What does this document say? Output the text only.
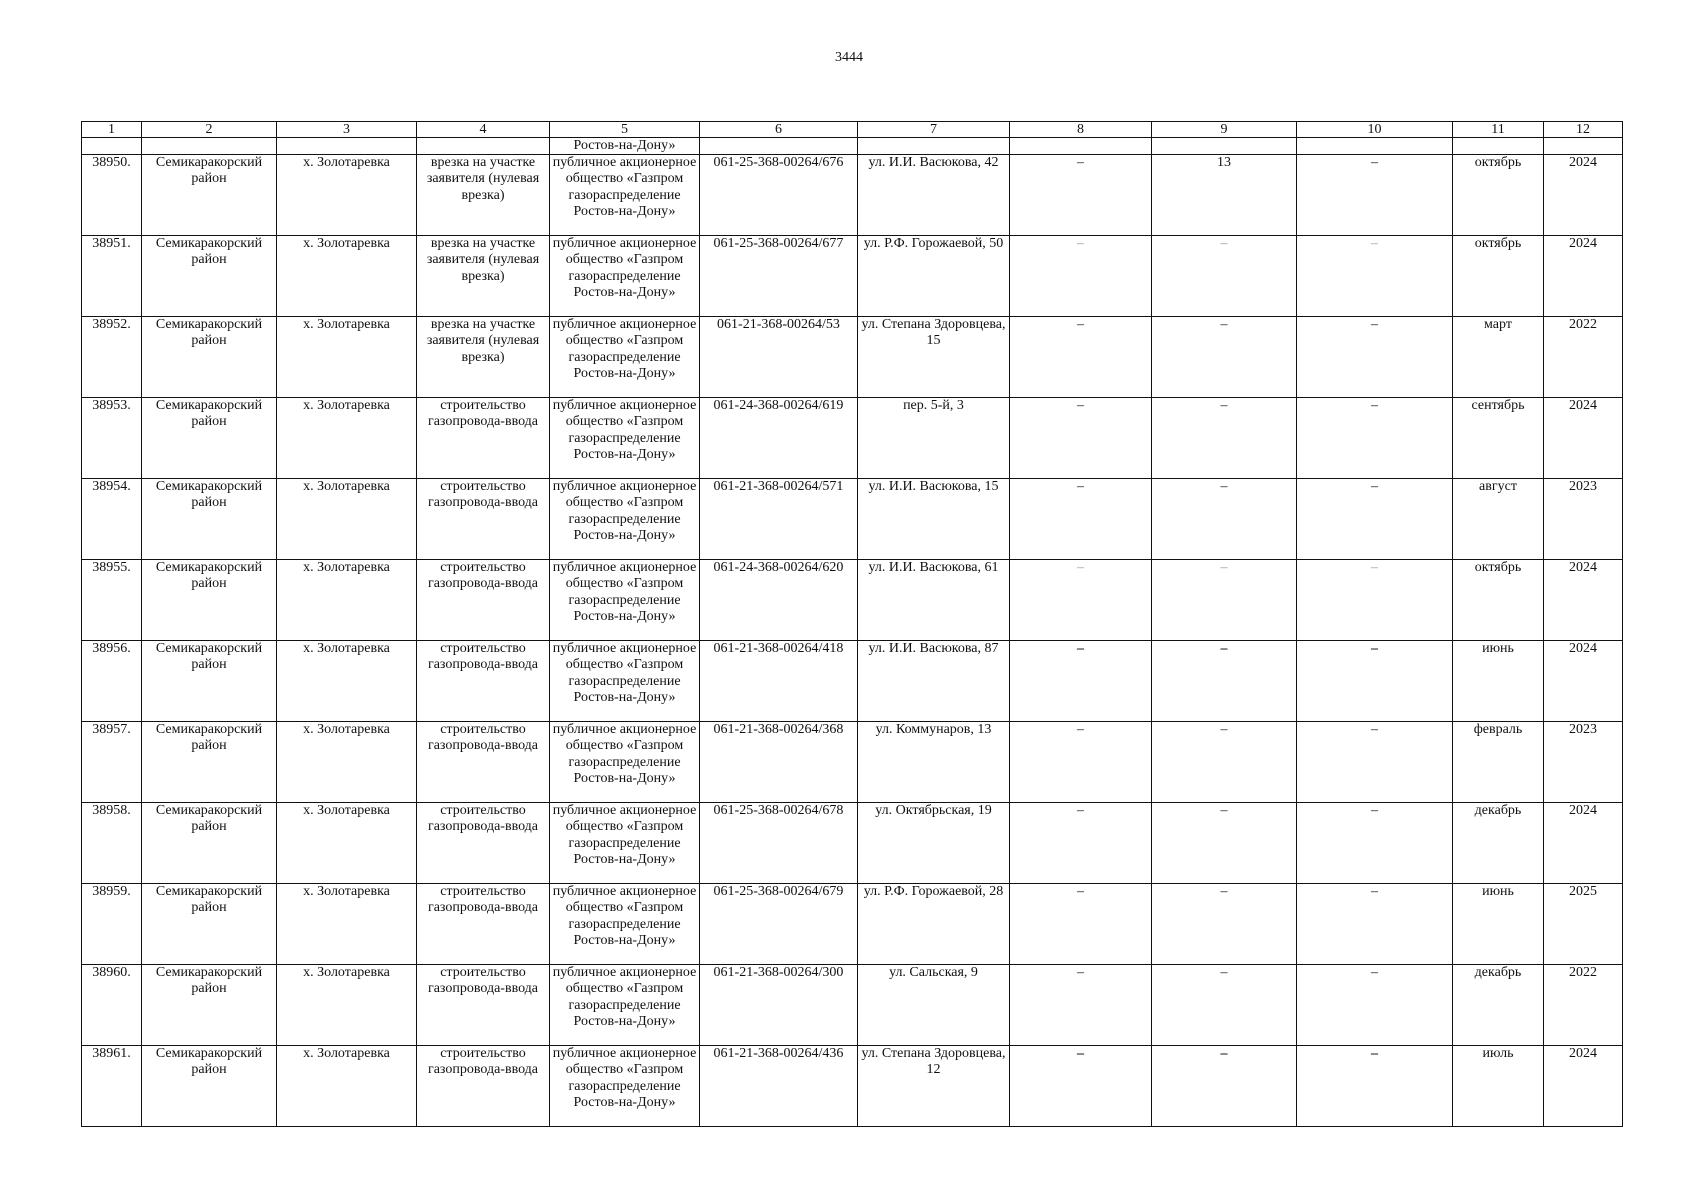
3444
1	2	3	4	5	6	7	8	9	10	11	12
				Ростов-на-Дону»							
38950.	Семикаракорский район	х. Золотаревка	врезка на участке заявителя (нулевая врезка)	публичное акционерное общество «Газпром газораспределение Ростов-на-Дону»	061-25-368-00264/676	ул. И.И. Васюкова, 42	–	13	–	октябрь	2024
38951.	Семикаракорский район	х. Золотаревка	врезка на участке заявителя (нулевая врезка)	публичное акционерное общество «Газпром газораспределение Ростов-на-Дону»	061-25-368-00264/677	ул. Р.Ф. Горожаевой, 50	–	–	–	октябрь	2024
38952.	Семикаракорский район	х. Золотаревка	врезка на участке заявителя (нулевая врезка)	публичное акционерное общество «Газпром газораспределение Ростов-на-Дону»	061-21-368-00264/53	ул. Степана Здоровцева, 15	–	–	–	март	2022
38953.	Семикаракорский район	х. Золотаревка	строительство газопровода-ввода	публичное акционерное общество «Газпром газораспределение Ростов-на-Дону»	061-24-368-00264/619	пер. 5-й, 3	–	–	–	сентябрь	2024
38954.	Семикаракорский район	х. Золотаревка	строительство газопровода-ввода	публичное акционерное общество «Газпром газораспределение Ростов-на-Дону»	061-21-368-00264/571	ул. И.И. Васюкова, 15	–	–	–	август	2023
38955.	Семикаракорский район	х. Золотаревка	строительство газопровода-ввода	публичное акционерное общество «Газпром газораспределение Ростов-на-Дону»	061-24-368-00264/620	ул. И.И. Васюкова, 61	–	–	–	октябрь	2024
38956.	Семикаракорский район	х. Золотаревка	строительство газопровода-ввода	публичное акционерное общество «Газпром газораспределение Ростов-на-Дону»	061-21-368-00264/418	ул. И.И. Васюкова, 87	–	–	–	июнь	2024
38957.	Семикаракорский район	х. Золотаревка	строительство газопровода-ввода	публичное акционерное общество «Газпром газораспределение Ростов-на-Дону»	061-21-368-00264/368	ул. Коммунаров, 13	–	–	–	февраль	2023
38958.	Семикаракорский район	х. Золотаревка	строительство газопровода-ввода	публичное акционерное общество «Газпром газораспределение Ростов-на-Дону»	061-25-368-00264/678	ул. Октябрьская, 19	–	–	–	декабрь	2024
38959.	Семикаракорский район	х. Золотаревка	строительство газопровода-ввода	публичное акционерное общество «Газпром газораспределение Ростов-на-Дону»	061-25-368-00264/679	ул. Р.Ф. Горожаевой, 28	–	–	–	июнь	2025
38960.	Семикаракорский район	х. Золотаревка	строительство газопровода-ввода	публичное акционерное общество «Газпром газораспределение Ростов-на-Дону»	061-21-368-00264/300	ул. Сальская, 9	–	–	–	декабрь	2022
38961.	Семикаракорский район	х. Золотаревка	строительство газопровода-ввода	публичное акционерное общество «Газпром газораспределение Ростов-на-Дону»	061-21-368-00264/436	ул. Степана Здоровцева, 12	–	–	–	июль	2024
